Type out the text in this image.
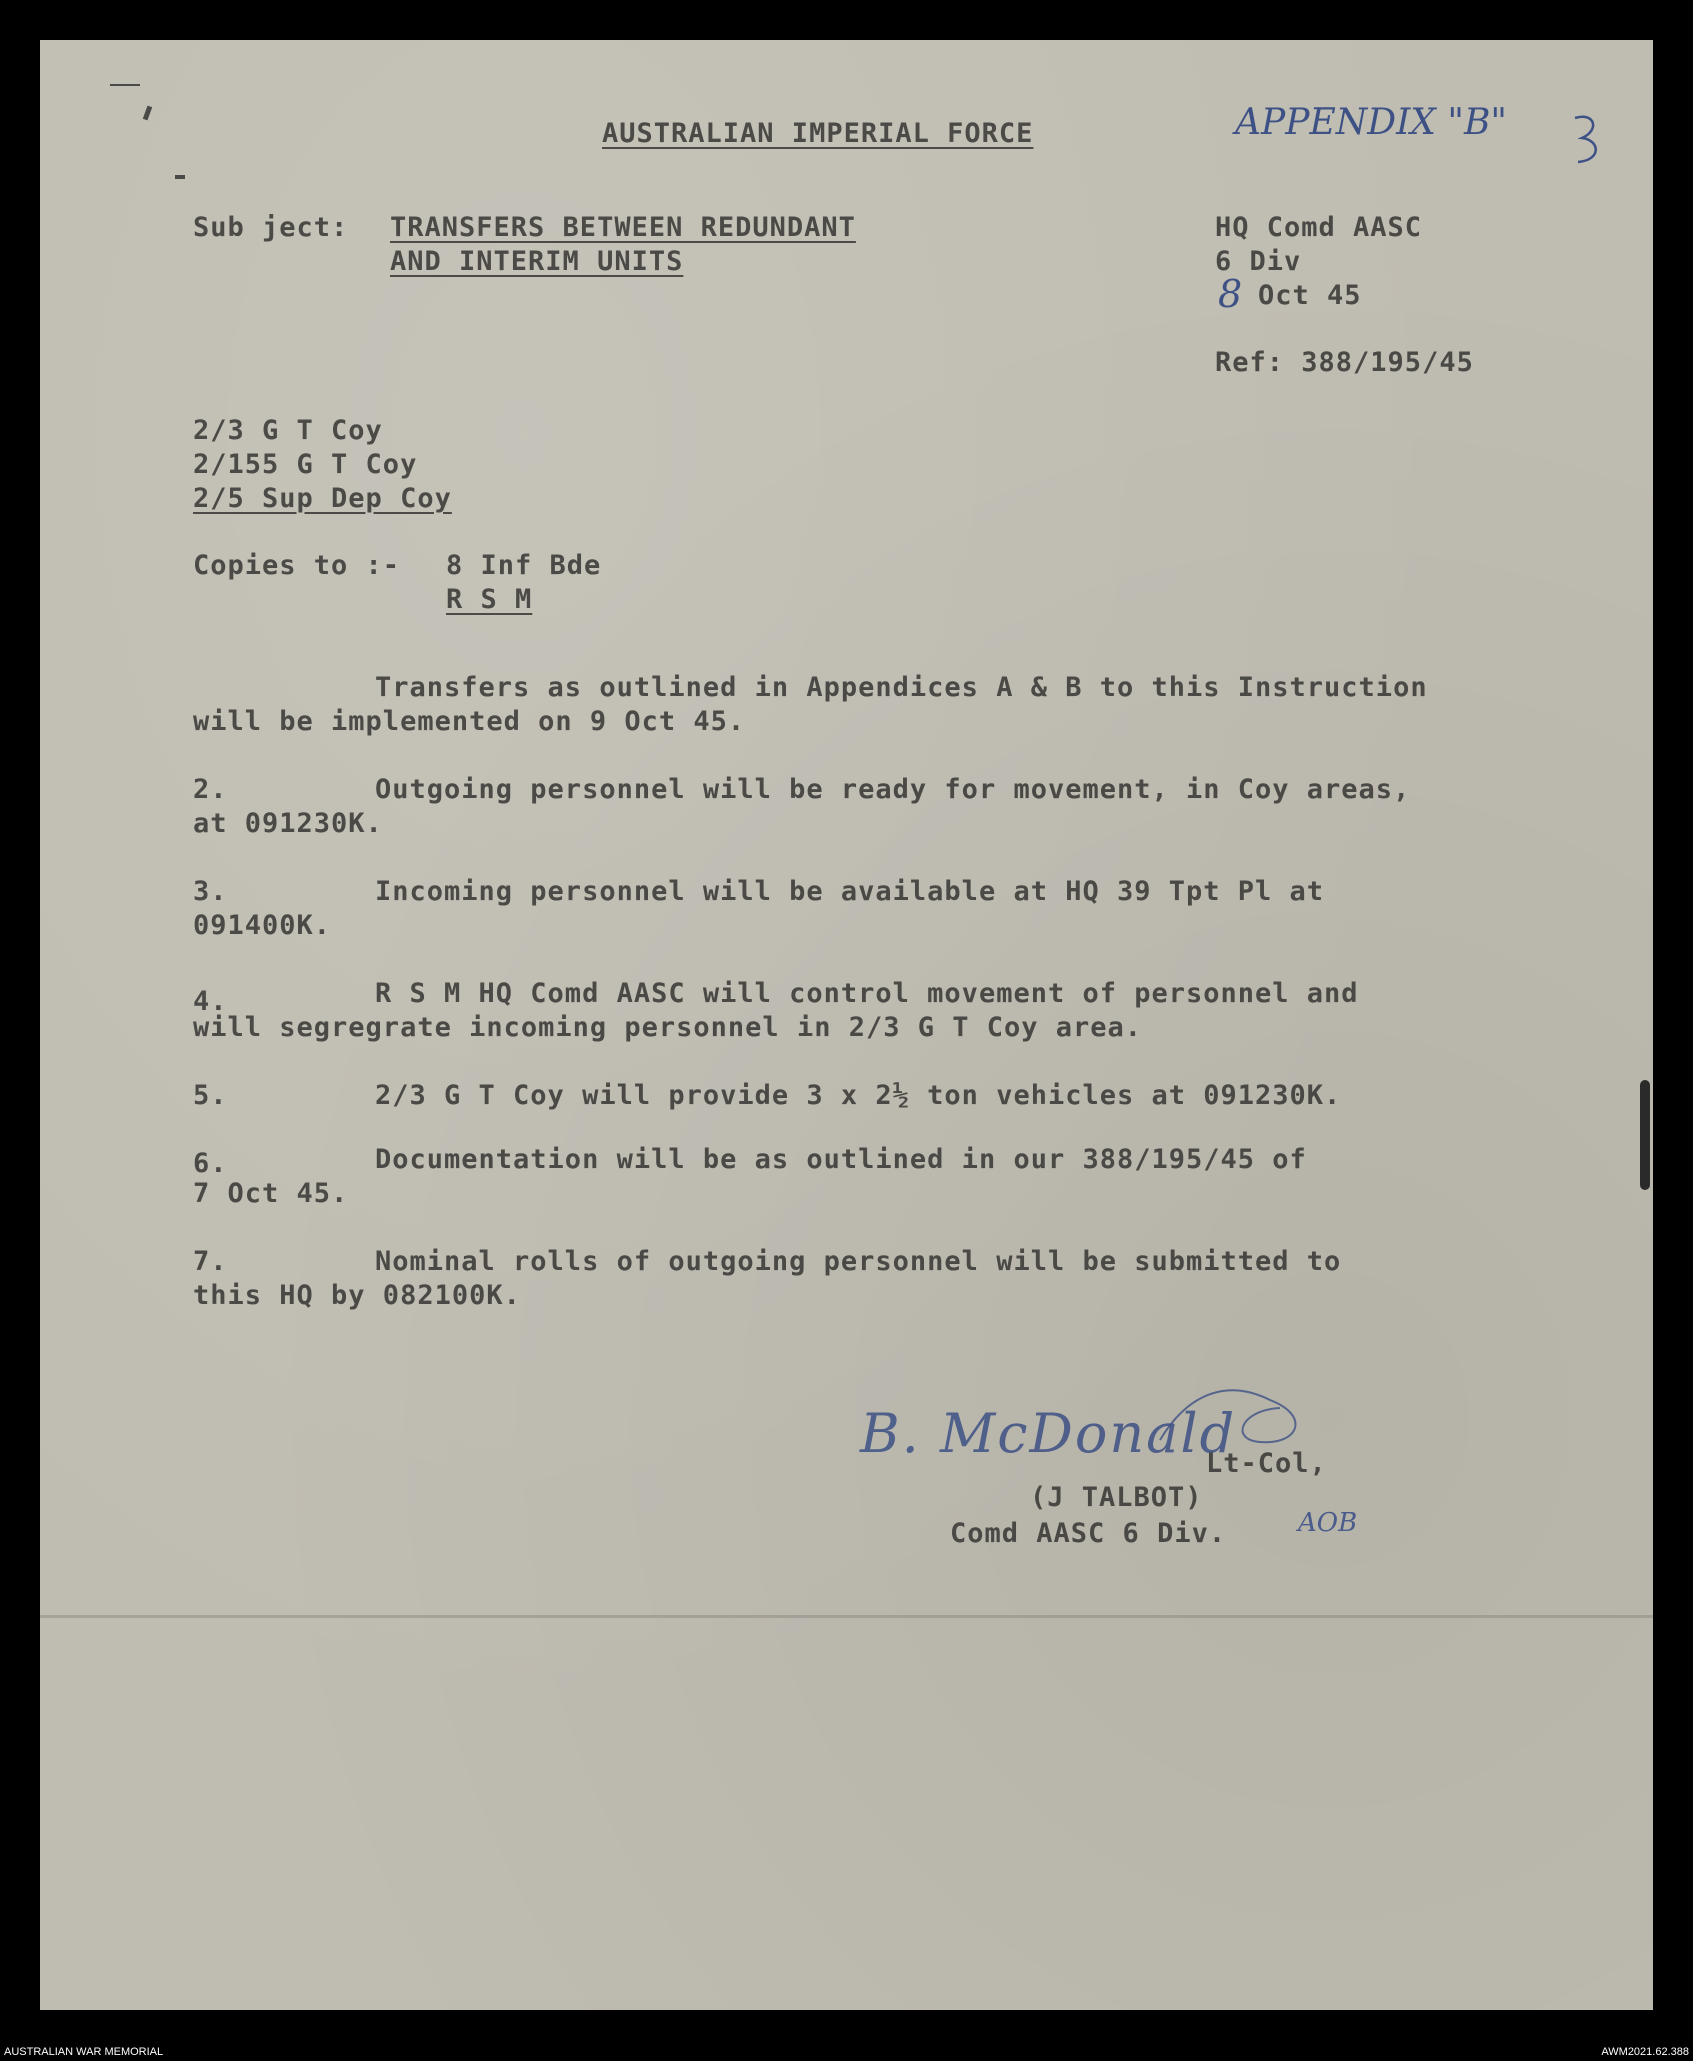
AUSTRALIAN IMPERIAL FORCE	APPENDIX "B"
Sub ject: TRANSFERS BETWEEN REDUNDANT
AND INTERIM UNITS
HQ Comd AASC
6 Div
8 Oct 45
Ref: 388/195/45
2/3 G T Coy
2/155 G T Coy
2/5 Sup Dep Coy
Copies to :- 8 Inf Bde
R S M
Transfers as outlined in Appendices A & B to this Instruction
will be implemented on 9 Oct 45.
2.	Outgoing personnel will be ready for movement, in Coy areas,
at 091230K.
3.	Incoming personnel will be available at HQ 39 Tpt Pl at
091400K.
4.	R S M HQ Comd AASC will control movement of personnel and
will segregrate incoming personnel in 2/3 G T Coy area.
5.	2/3 G T Coy will provide 3 x 2½ ton vehicles at 091230K.
6.	Documentation will be as outlined in our 388/195/45 of
7 Oct 45.
7.	Nominal rolls of outgoing personnel will be submitted to
this HQ by 082100K.
B. McDonald
Lt-Col,
(J TALBOT)
Comd AASC 6 Div.	AOB
AUSTRALIAN WAR MEMORIAL	AWM2021.62.388
